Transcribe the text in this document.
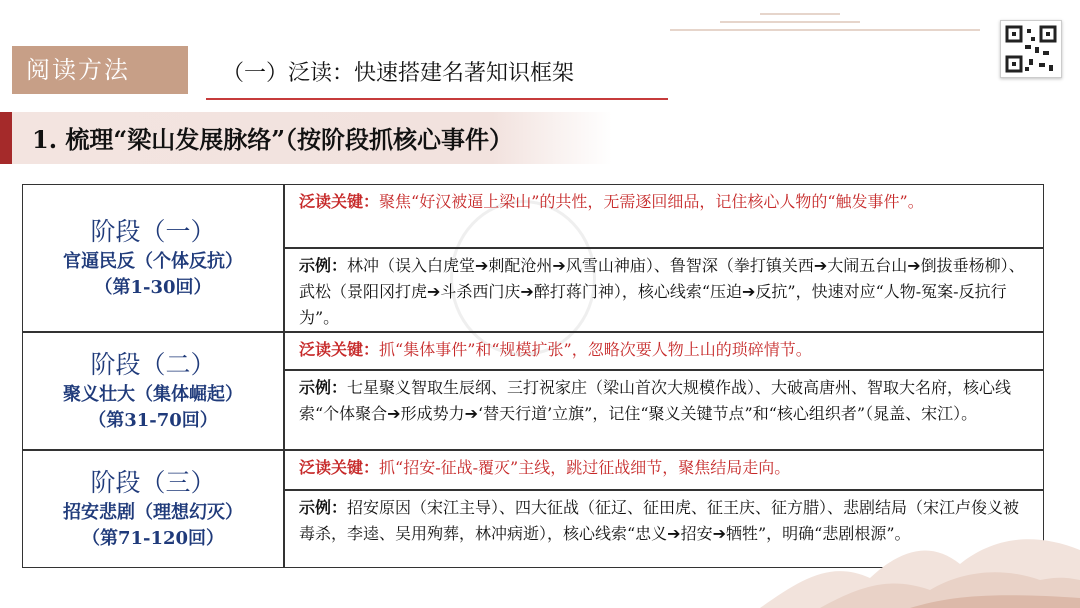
阅读方法	（一）泛读：快速搭建名著知识框架
1. 梳理“梁山发展脉络”（按阶段抓核心事件）
阶段（一）
官逼民反（个体反抗）
（第1-30回）
泛读关键：聚焦“好汉被逼上梁山”的共性，无需逐回细品，记住核心人物的“触发事件”。
示例：林冲（误入白虎堂➔刺配沧州➔风雪山神庙）、鲁智深（拳打镇关西➔大闹五台山➔倒拔垂杨柳）、武松（景阳冈打虎➔斗杀西门庆➔醉打蒋门神），核心线索“压迫➔反抗”，快速对应“人物-冤案-反抗行为”。
阶段（二）
聚义壮大（集体崛起）
（第31-70回）
泛读关键：抓“集体事件”和“规模扩张”，忽略次要人物上山的琐碎情节。
示例：七星聚义智取生辰纲、三打祝家庄（梁山首次大规模作战）、大破高唐州、智取大名府，核心线索“个体聚合➔形成势力➔‘替天行道’立旗”，记住“聚义关键节点”和“核心组织者”（晁盖、宋江）。
阶段（三）
招安悲剧（理想幻灭）
（第71-120回）
泛读关键：抓“招安-征战-覆灭”主线，跳过征战细节，聚焦结局走向。
示例：招安原因（宋江主导）、四大征战（征辽、征田虎、征王庆、征方腊）、悲剧结局（宋江卢俊义被毒杀，李逵、吴用殉葬，林冲病逝），核心线索“忠义➔招安➔牺牲”，明确“悲剧根源”。
